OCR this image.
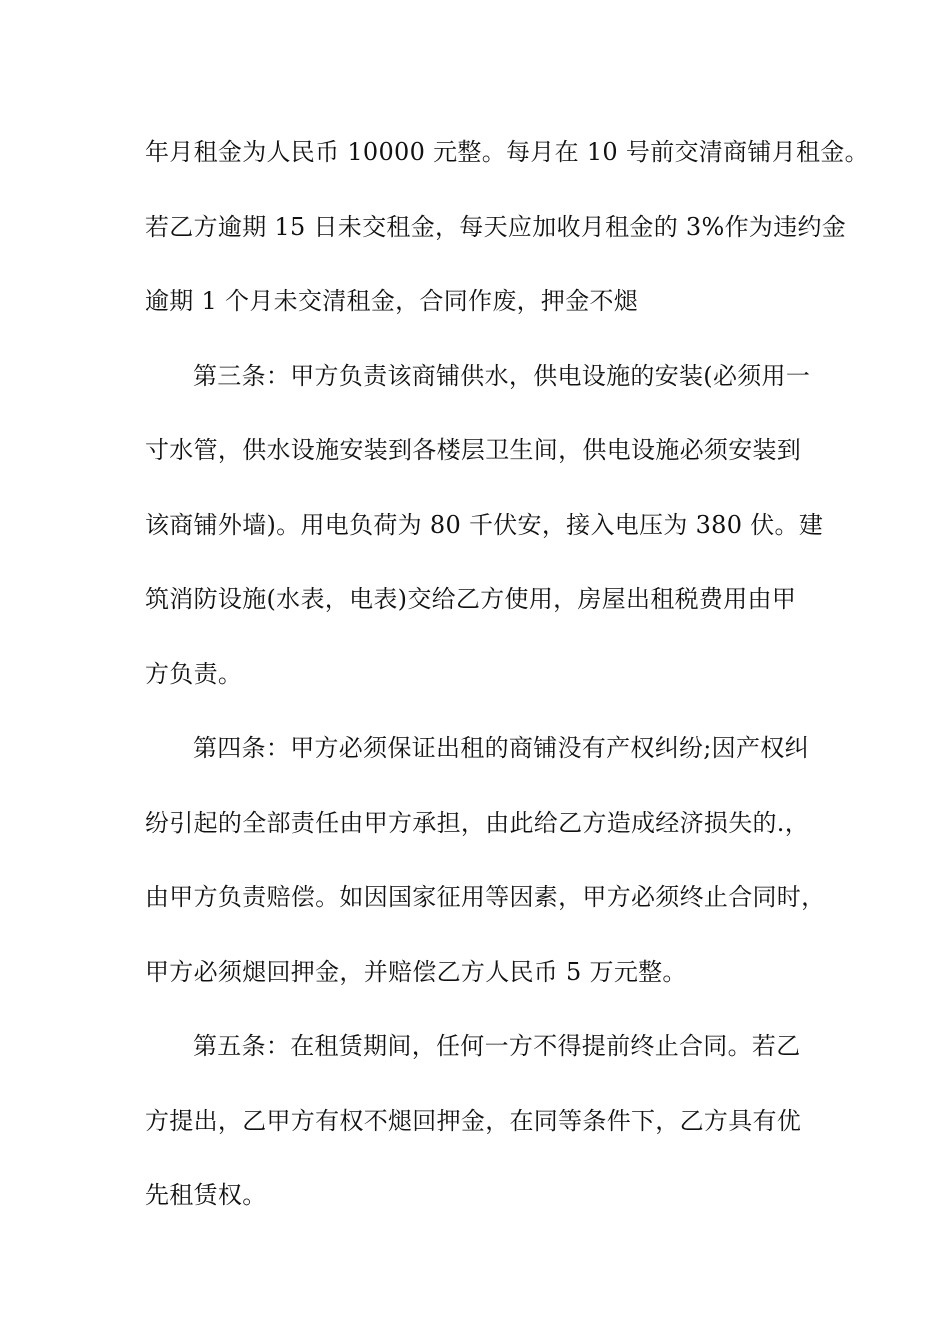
年月租金为人民币 10000 元整。每月在 10 号前交清商铺月租金。
若乙方逾期 15 日未交租金，每天应加收月租金的 3%作为违约金
逾期 1 个月未交清租金，合同作废，押金不煺
第三条：甲方负责该商铺供水，供电设施的安装(必须用一
寸水管，供水设施安装到各楼层卫生间，供电设施必须安装到
该商铺外墙)。用电负荷为 80 千伏安，接入电压为 380 伏。建
筑消防设施(水表，电表)交给乙方使用，房屋出租税费用由甲
方负责。
第四条：甲方必须保证出租的商铺没有产权纠纷;因产权纠
纷引起的全部责任由甲方承担，由此给乙方造成经济损失的.，
由甲方负责赔偿。如因国家征用等因素，甲方必须终止合同时，
甲方必须煺回押金，并赔偿乙方人民币 5 万元整。
第五条：在租赁期间，任何一方不得提前终止合同。若乙
方提出，乙甲方有权不煺回押金，在同等条件下，乙方具有优
先租赁权。
